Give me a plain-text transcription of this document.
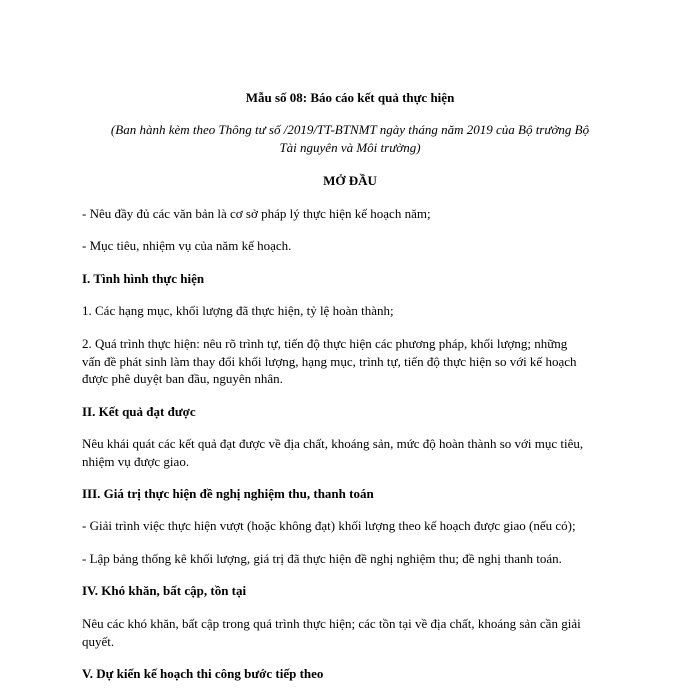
Mẫu số 08: Báo cáo kết quả thực hiện

(Ban hành kèm theo Thông tư số /2019/TT-BTNMT ngày tháng năm 2019 của Bộ trưởng Bộ

Tài nguyên và Môi trường)

MỞ ĐẦU

- Nêu đầy đủ các văn bản là cơ sở pháp lý thực hiện kế hoạch năm;

- Mục tiêu, nhiệm vụ của năm kế hoạch.

I. Tình hình thực hiện

1. Các hạng mục, khối lượng đã thực hiện, tỷ lệ hoàn thành;

2. Quá trình thực hiện: nêu rõ trình tự, tiến độ thực hiện các phương pháp, khối lượng; những

vấn đề phát sinh làm thay đổi khối lượng, hạng mục, trình tự, tiến độ thực hiện so với kế hoạch

được phê duyệt ban đầu, nguyên nhân.

II. Kết quả đạt được

Nêu khái quát các kết quả đạt được về địa chất, khoáng sản, mức độ hoàn thành so với mục tiêu,

nhiệm vụ được giao.

III. Giá trị thực hiện đề nghị nghiệm thu, thanh toán

- Giải trình việc thực hiện vượt (hoặc không đạt) khối lượng theo kế hoạch được giao (nếu có);

- Lập bảng thống kê khối lượng, giá trị đã thực hiện đề nghị nghiệm thu; đề nghị thanh toán.

IV. Khó khăn, bất cập, tồn tại

Nêu các khó khăn, bất cập trong quá trình thực hiện; các tồn tại về địa chất, khoáng sản cần giải

quyết.

V. Dự kiến kế hoạch thi công bước tiếp theo
